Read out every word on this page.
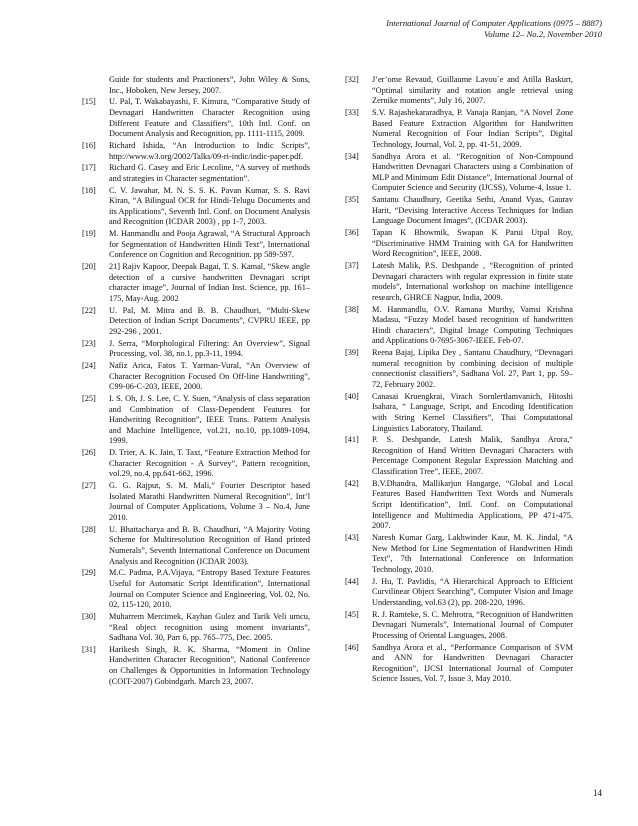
International Journal of Computer Applications (0975 – 8887)
Volume 12– No.2, November 2010
Guide for students and Practioners”, John Wiley & Sons, Inc., Hoboken, New Jersey, 2007.
[15]	U. Pal, T. Wakabayashi, F. Kimura, “Comparative Study of Devnagari Handwritten Character Recognition using Different Feature and Classifiers”, 10th Intl. Conf. on Document Analysis and Recognition, pp. 1111-1115, 2009.
[16]	Richard Ishida, “An Introduction to Indic Scripts”, http://www.w3.org/2002/Talks/09-ri-indic/indic-paper.pdf.
[17]	Richard G. Casey and Eric Lecoline, “A survey of methods and strategies in Character segmentation”.
[18]	C. V. Jawahar, M. N. S. S. K. Pavan Kumar, S. S. Ravi Kiran, “A Bilingual OCR for Hindi-Telugu Documents and its Applications”, Seventh Intl. Conf. on Document Analysis and Recognition (ICDAR 2003) , pp 1-7, 2003.
[19]	M. Hanmandlu and Pooja Agrawal, “A Structural Approach for Segmentation of Handwritten Hindi Text”, International Conference on Cognition and Recognition. pp 589-597.
[20]	21] Rajiv Kapoor, Deepak Bagai, T. S. Kamal, “Skew angle detection of a cursive handwritten Devnagari script character image”, Journal of Indian Inst. Science, pp. 161–175, May-Aug. 2002
[22]	U. Pal, M. Mitra and B. B. Chaudhuri, “Multi-Skew Detection of Indian Script Documents”, CVPRU IEEE, pp 292-296 , 2001.
[23]	J. Serra, “Morphological Filtering: An Overview”, Signal Processing, vol. 38, no.1, pp.3-11, 1994.
[24]	Nafiz Arica, Fatos T. Yarman-Vural, “An Overview of Character Recognition Focused On Off-line Handwriting”, C99-06-C-203, IEEE, 2000.
[25]	I. S. Oh, J. S. Lee, C. Y. Suen, “Analysis of class separation and Combination of Class-Dependent Features for Handwriting Recognition”, IEEE Trans. Pattern Analysis and Machine Intelligence, vol.21, no.10, pp.1089-1094, 1999.
[26]	D. Trier, A. K. Jain, T. Taxt, “Feature Extraction Method for Character Recognition - A Survey”, Pattern recognition, vol.29, no.4, pp.641-662, 1996.
[27]	G. G. Rajput, S. M. Mali,” Fourier Descriptor based Isolated Marathi Handwritten Numeral Recognition”, Int’l Journal of Computer Applications, Volume 3 – No.4, June 2010.
[28]	U. Bhattacharya and B. B. Chaudhuri, “A Majority Voting Scheme for Multiresolution Recognition of Hand printed Numerals”, Seventh International Conference on Document Analysis and Recognition (ICDAR 2003).
[29]	M.C. Padma, P.A.Vijaya, “Entropy Based Texture Features Useful for Automatic Script Identification”, International Journal on Computer Science and Engineering, Vol. 02, No. 02, 115-120, 2010.
[30]	Muharrem Mercimek, Kayhan Gulez and Tarik Veli umcu, “Real object recognition using moment invariants”, Sadhana Vol. 30, Part 6, pp. 765–775, Dec. 2005.
[31]	Harikesh Singh, R. K. Sharma, “Moment in Online Handwritten Character Recognition”, National Conference on Challenges & Opportunities in Information Technology (COIT-2007) Gobindgarh. March 23, 2007.
[32]	J’er’ome Revaud, Guillaume Lavou´e and Atilla Baskurt, “Optimal similarity and rotation angle retrieval using Zernike moments”, July 16, 2007.
[33]	S.V. Rajashekararadhya, P. Vanaja Ranjan, “A Novel Zone Based Feature Extraction Algorithm for Handwritten Numeral Recognition of Four Indian Scripts”, Digital Technology, Journal, Vol. 2, pp. 41-51, 2009.
[34]	Sandhya Arora et al. “Recognition of Non-Compound Handwritten Devnagari Characters using a Combination of MLP and Minimum Edit Distance”, International Journal of Computer Science and Security (IJCSS), Volume-4, Issue 1.
[35]	Santanu Chaudhury, Geetika Sethi, Anand Vyas, Gaurav Harit, “Devising Interactive Access Techniques for Indian Language Document Images”, (ICDAR 2003).
[36]	Tapan K Bhowmik, Swapan K Parui Utpal Roy, “Discriminative HMM Training with GA for Handwritten Word Recognition”, IEEE, 2008.
[37]	Latesh Malik, P.S. Deshpande , “Recognition of printed Devnagari characters with regular expression in finite state models”, International workshop on machine intelligence research, GHRCE Nagpur, India, 2009.
[38]	M. Hanmandlu, O.V. Ramana Murthy, Vamsi Krishna Madasu, “Fuzzy Model based recognition of handwritten Hindi characters”, Digital Image Computing Techniques and Applications 0-7695-3067-IEEE. Feb-07.
[39]	Reena Bajaj, Lipika Dey , Santanu Chaudhury, “Devnagari numeral recognition by combining decision of multiple connectionist classifiers”, Sadhana Vol. 27, Part 1, pp. 59–72, February 2002.
[40]	Canasai Kruengkrai, Virach Sornlertlamvanich, Hitoshi Isahara, “ Language, Script, and Encoding Identification with String Kernel Classifiers”, Thai Computational Linguistics Laboratory, Thailand.
[41]	P. S. Deshpande, Latesh Malik, Sandhya Arora,“ Recognition of Hand Written Devnagari Characters with Percentage Component Regular Expression Matching and Classification Tree”, IEEE, 2007.
[42]	B.V.Dhandra, Mallikarjun Hangarge, “Global and Local Features Based Handwritten Text Words and Numerals Script Identification”, Intl. Conf. on Computational Intelligence and Multimedia Applications, PP 471-475. 2007.
[43]	Naresh Kumar Garg, Lakhwinder Kaur, M. K. Jindal, “A New Method for Line Segmentation of Handwritten Hindi Text”, 7th International Conference on Information Technology, 2010.
[44]	J. Hu, T. Pavlidis, “A Hierarchical Approach to Efficient Curvilinear Object Searching”, Computer Vision and Image Understanding, vol.63 (2), pp. 208-220, 1996.
[45]	R. J. Ramteke, S. C. Mehrotra, “Recognition of Handwritten Devnagari Numerals”, International Journal of Computer Processing of Oriental Languages, 2008.
[46]	Sandhya Arora et al., “Performance Comparison of SVM and ANN for Handwritten Devnagari Character Recognition”, IJCSI International Journal of Computer Science Issues, Vol. 7, Issue 3, May 2010.
14
